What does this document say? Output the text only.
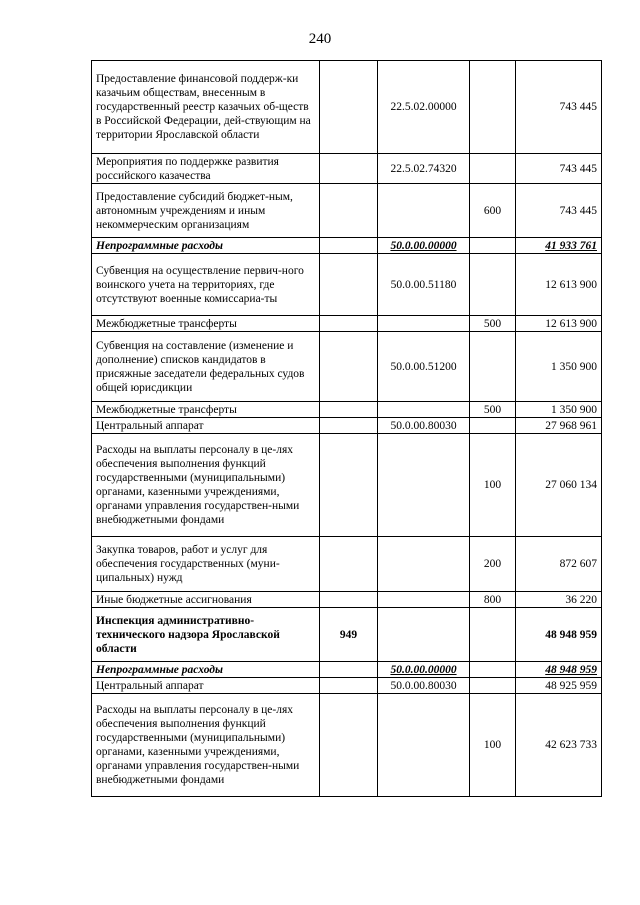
240
Предоставление финансовой поддерж-ки казачьим обществам, внесенным в государственный реестр казачьих об-ществ в Российской Федерации, дей-ствующим на территории Ярославской области		22.5.02.00000		743 445
Мероприятия по поддержке развития российского казачества		22.5.02.74320		743 445
Предоставление субсидий бюджет-ным, автономным учреждениям и иным некоммерческим организациям			600	743 445
Непрограммные расходы		50.0.00.00000		41 933 761
Субвенция на осуществление первич-ного воинского учета на территориях, где отсутствуют военные комиссариа-ты		50.0.00.51180		12 613 900
Межбюджетные трансферты			500	12 613 900
Субвенция на составление (изменение и дополнение) списков кандидатов в присяжные заседатели федеральных судов общей юрисдикции		50.0.00.51200		1 350 900
Межбюджетные трансферты			500	1 350 900
Центральный аппарат		50.0.00.80030		27 968 961
Расходы на выплаты персоналу в це-лях обеспечения выполнения функций государственными (муниципальными) органами, казенными учреждениями, органами управления государствен-ными внебюджетными фондами			100	27 060 134
Закупка товаров, работ и услуг для обеспечения государственных (муни-ципальных) нужд			200	872 607
Иные бюджетные ассигнования			800	36 220
Инспекция административно-технического надзора Ярославской области	949			48 948 959
Непрограммные расходы		50.0.00.00000		48 948 959
Центральный аппарат		50.0.00.80030		48 925 959
Расходы на выплаты персоналу в це-лях обеспечения выполнения функций государственными (муниципальными) органами, казенными учреждениями, органами управления государствен-ными внебюджетными фондами			100	42 623 733
